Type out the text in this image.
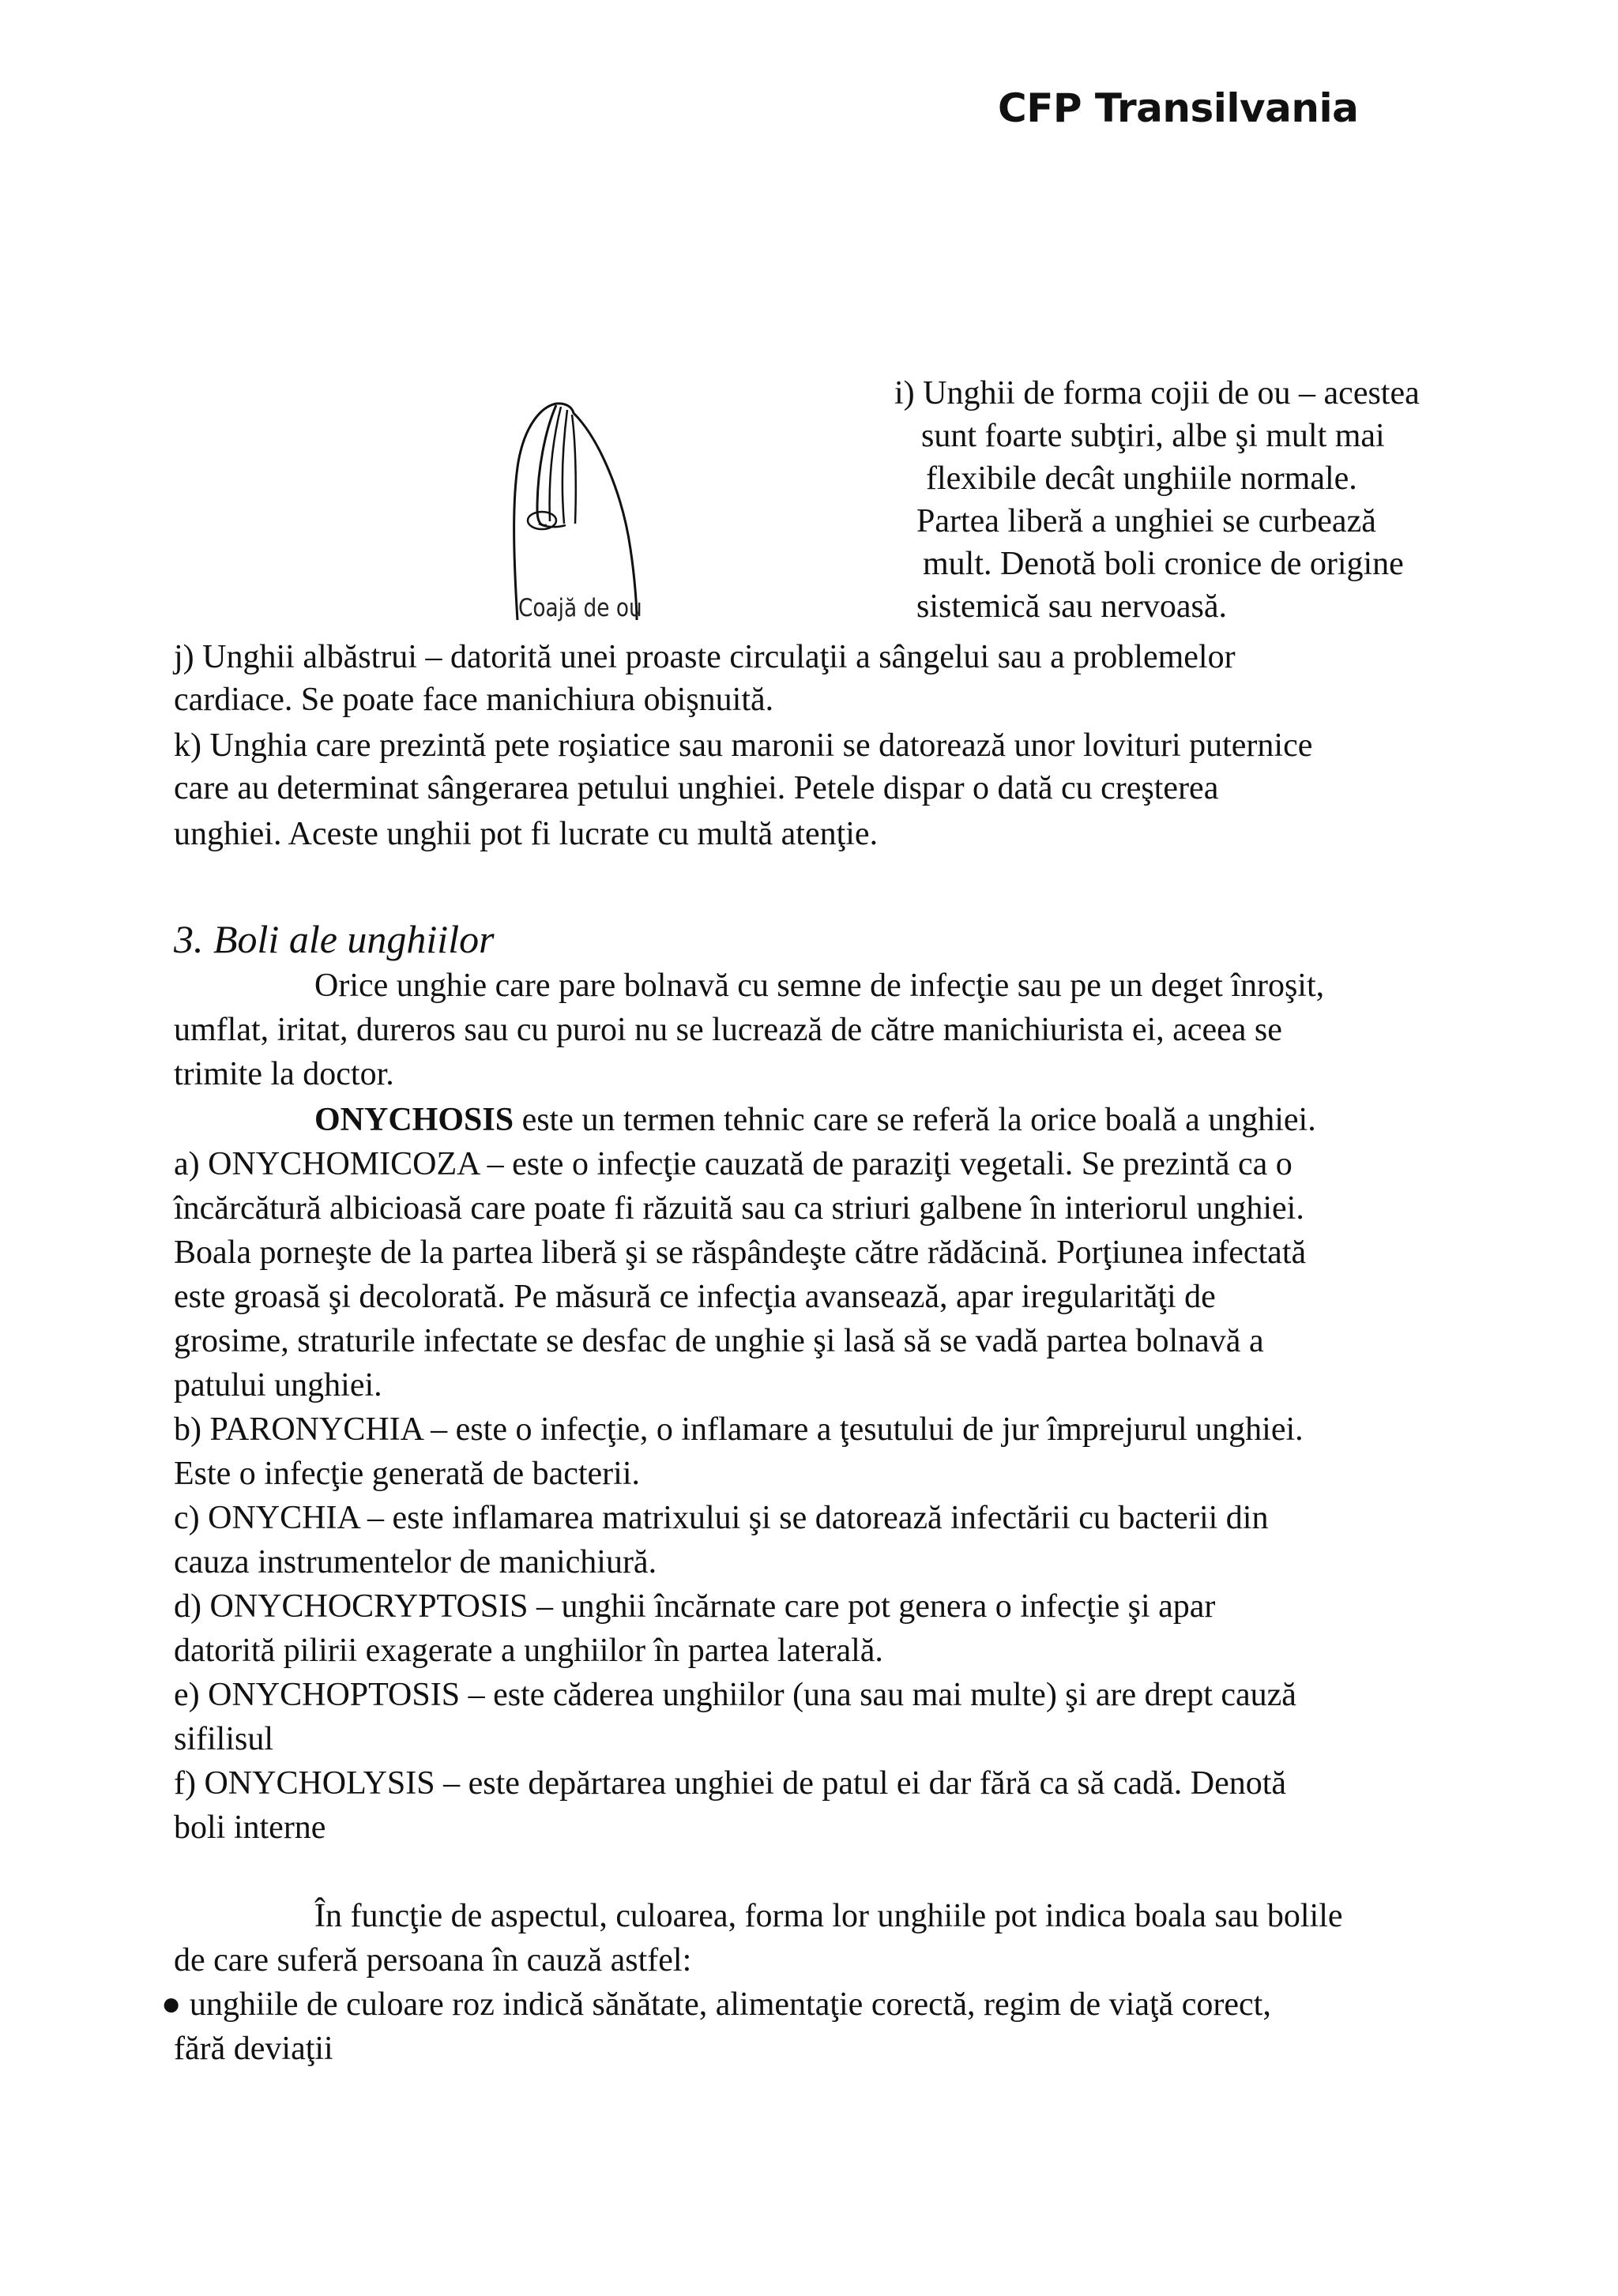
CFP Transilvania
Coajă de ou
i) Unghii de forma cojii de ou – acestea
sunt foarte subţiri, albe şi mult mai
flexibile decât unghiile normale.
Partea liberă a unghiei se curbează
mult. Denotă boli cronice de origine
sistemică sau nervoasă.
j) Unghii albăstrui – datorită unei proaste circulaţii a sângelui sau a problemelor
cardiace. Se poate face manichiura obişnuită.
k) Unghia care prezintă pete roşiatice sau maronii se datorează unor lovituri puternice
care au determinat sângerarea petului unghiei. Petele dispar o dată cu creşterea
unghiei. Aceste unghii pot fi lucrate cu multă atenţie.
3. Boli ale unghiilor
Orice unghie care pare bolnavă cu semne de infecţie sau pe un deget înroşit,
umflat, iritat, dureros sau cu puroi nu se lucrează de către manichiurista ei, aceea se
trimite la doctor.
ONYCHOSIS este un termen tehnic care se referă la orice boală a unghiei.
a) ONYCHOMICOZA – este o infecţie cauzată de paraziţi vegetali. Se prezintă ca o
încărcătură albicioasă care poate fi răzuită sau ca striuri galbene în interiorul unghiei.
Boala porneşte de la partea liberă şi se răspândeşte către rădăcină. Porţiunea infectată
este groasă şi decolorată. Pe măsură ce infecţia avansează, apar iregularităţi de
grosime, straturile infectate se desfac de unghie şi lasă să se vadă partea bolnavă a
patului unghiei.
b) PARONYCHIA – este o infecţie, o inflamare a ţesutului de jur împrejurul unghiei.
Este o infecţie generată de bacterii.
c) ONYCHIA – este inflamarea matrixului şi se datorează infectării cu bacterii din
cauza instrumentelor de manichiură.
d) ONYCHOCRYPTOSIS – unghii încărnate care pot genera o infecţie şi apar
datorită pilirii exagerate a unghiilor în partea laterală.
e) ONYCHOPTOSIS – este căderea unghiilor (una sau mai multe) şi are drept cauză
sifilisul
f) ONYCHOLYSIS – este depărtarea unghiei de patul ei dar fără ca să cadă. Denotă
boli interne
În funcţie de aspectul, culoarea, forma lor unghiile pot indica boala sau bolile
de care suferă persoana în cauză astfel:
● unghiile de culoare roz indică sănătate, alimentaţie corectă, regim de viaţă corect,
fără deviaţii
